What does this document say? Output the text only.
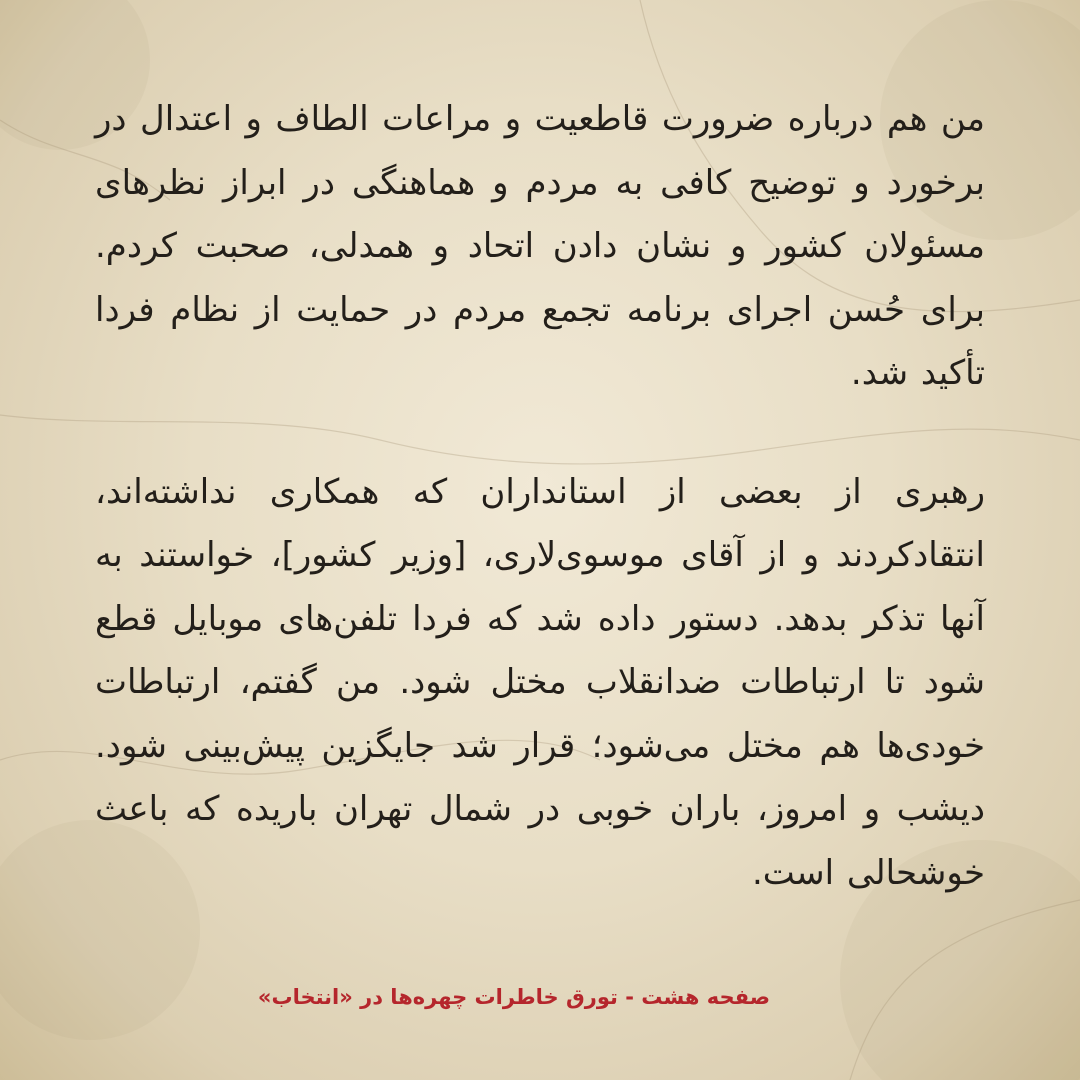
من هم درباره ضرورت قاطعیت و مراعات الطاف و اعتدال در برخورد و توضیح کافی به مردم و هماهنگی در ابراز نظرهای مسئولان کشور و نشان دادن اتحاد و همدلی، صحبت کردم. برای حُسن اجرای برنامه تجمع مردم در حمایت از نظام فردا تأکید شد.

رهبری از بعضی از استانداران که همکاری نداشته‌اند، انتقادکردند و از آقای موسوی‌لاری، [وزیر کشور]، خواستند به آنها تذکر بدهد. دستور داده شد که فردا تلفن‌های موبایل قطع شود تا ارتباطات ضدانقلاب مختل شود. من گفتم، ارتباطات خودی‌ها هم مختل می‌شود؛ قرار شد جایگزین پیش‌بینی شود. دیشب و امروز، باران خوبی در شمال تهران باریده که باعث خوشحالی است.

صفحه هشت - تورق خاطرات چهره‌ها در «انتخاب»
